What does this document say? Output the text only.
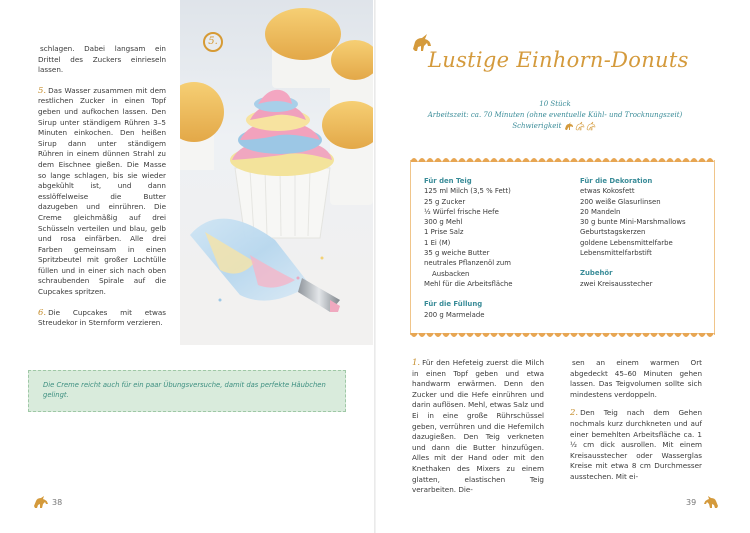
schlagen. Dabei langsam ein Drittel des Zuckers einrieseln lassen.

5. Das Wasser zusammen mit dem restlichen Zucker in einen Topf geben und aufkochen lassen. Den Sirup unter ständigem Rühren 3–5 Minuten einkochen. Den heißen Sirup dann unter ständigem Rühren in einem dünnen Strahl zu dem Eischnee gießen. Die Masse so lange schlagen, bis sie wieder abgekühlt ist, und dann esslöffelweise die Butter dazugeben und einrühren. Die Creme gleichmäßig auf drei Schüsseln verteilen und blau, gelb und rosa einfärben. Alle drei Farben gemeinsam in einen Spritzbeutel mit großer Lochtülle füllen und in einer sich nach oben schraubenden Spirale auf die Cupcakes spritzen.

6. Die Cupcakes mit etwas Streudekor in Sternform verzieren.

5.
Die Creme reicht auch für ein paar Übungsversuche, damit das perfekte Häubchen gelingt.
38
Lustige Einhorn-Donuts
10 Stück
Arbeitszeit: ca. 70 Minuten (ohne eventuelle Kühl- und Trocknungszeit)
Schwierigkeit
Für den Teig
125 ml Milch (3,5 % Fett)
25 g Zucker
½ Würfel frische Hefe
300 g Mehl
1 Prise Salz
1 Ei (M)
35 g weiche Butter
neutrales Pflanzenöl zum
Ausbacken
Mehl für die Arbeitsfläche
Für die Füllung
200 g Marmelade
Für die Dekoration
etwas Kokosfett
200 weiße Glasurlinsen
20 Mandeln
30 g bunte Mini-Marshmallows
Geburtstagskerzen
goldene Lebensmittelfarbe
Lebensmittelfarbstift
Zubehör
zwei Kreisausstecher

1. Für den Hefeteig zuerst die Milch in einen Topf geben und etwa handwarm erwärmen. Denn den Zucker und die Hefe einrühren und darin auflösen. Mehl, etwas Salz und Ei in eine große Rührschüssel geben, verrühren und die Hefemilch dazugießen. Den Teig verkneten und dann die Butter hinzufügen. Alles mit der Hand oder mit den Knethaken des Mixers zu einem glatten, elastischen Teig verarbeiten. Die-

sen an einem warmen Ort abgedeckt 45–60 Minuten gehen lassen. Das Teigvolumen sollte sich mindestens verdoppeln.

2. Den Teig nach dem Gehen nochmals kurz durchkneten und auf einer bemehlten Arbeitsfläche ca. 1 ½ cm dick ausrollen. Mit einem Kreisausstecher oder Wasserglas Kreise mit etwa 8 cm Durchmesser ausstechen. Mit ei-

39
